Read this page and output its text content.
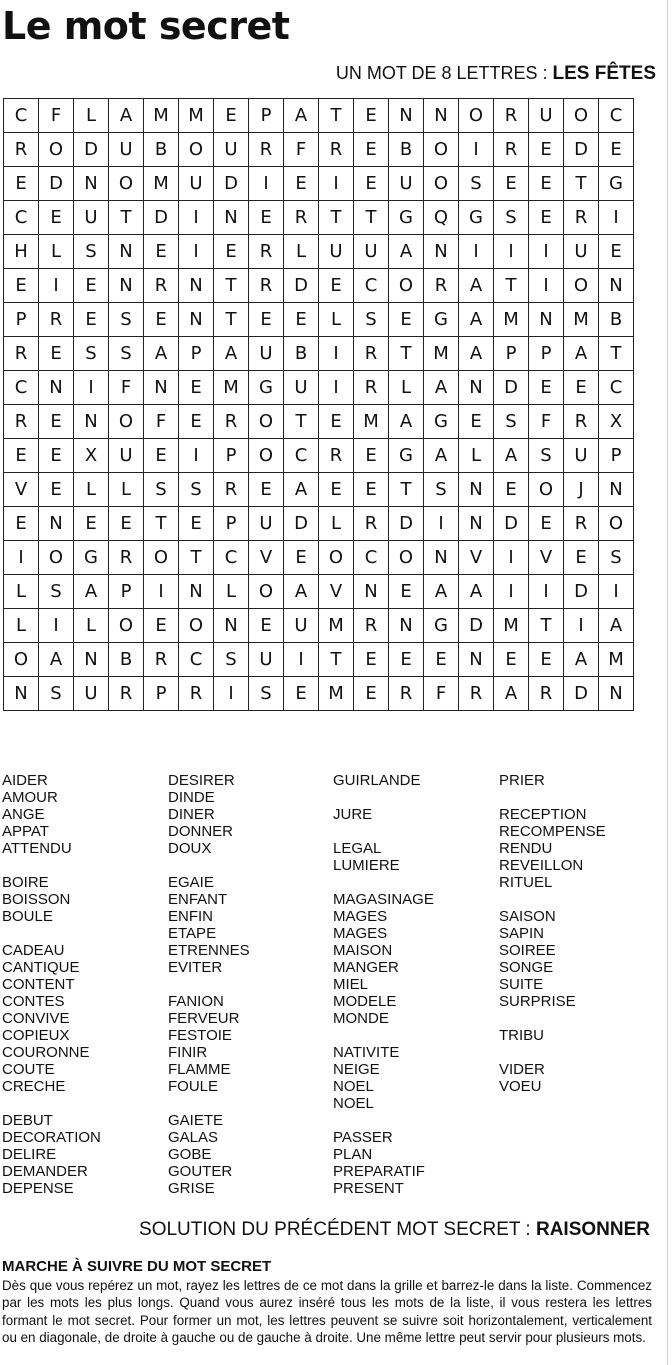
Le mot secret
UN MOT DE 8 LETTRES : LES FÊTES
C	F	L	A	M	M	E	P	A	T	E	N	N	O	R	U	O	C
R	O	D	U	B	O	U	R	F	R	E	B	O	I	R	E	D	E
E	D	N	O	M	U	D	I	E	I	E	U	O	S	E	E	T	G
C	E	U	T	D	I	N	E	R	T	T	G	Q	G	S	E	R	I
H	L	S	N	E	I	E	R	L	U	U	A	N	I	I	I	U	E
E	I	E	N	R	N	T	R	D	E	C	O	R	A	T	I	O	N
P	R	E	S	E	N	T	E	E	L	S	E	G	A	M	N	M	B
R	E	S	S	A	P	A	U	B	I	R	T	M	A	P	P	A	T
C	N	I	F	N	E	M	G	U	I	R	L	A	N	D	E	E	C
R	E	N	O	F	E	R	O	T	E	M	A	G	E	S	F	R	X
E	E	X	U	E	I	P	O	C	R	E	G	A	L	A	S	U	P
V	E	L	L	S	S	R	E	A	E	E	T	S	N	E	O	J	N
E	N	E	E	T	E	P	U	D	L	R	D	I	N	D	E	R	O
I	O	G	R	O	T	C	V	E	O	C	O	N	V	I	V	E	S
L	S	A	P	I	N	L	O	A	V	N	E	A	A	I	I	D	I
L	I	L	O	E	O	N	E	U	M	R	N	G	D	M	T	I	A
O	A	N	B	R	C	S	U	I	T	E	E	E	N	E	E	A	M
N	S	U	R	P	R	I	S	E	M	E	R	F	R	A	R	D	N
AIDER
AMOUR
ANGE
APPAT
ATTENDU
BOIRE
BOISSON
BOULE
CADEAU
CANTIQUE
CONTENT
CONTES
CONVIVE
COPIEUX
COURONNE
COUTE
CRECHE
DEBUT
DECORATION
DELIRE
DEMANDER
DEPENSE
DESIRER
DINDE
DINER
DONNER
DOUX
EGAIE
ENFANT
ENFIN
ETAPE
ETRENNES
EVITER
FANION
FERVEUR
FESTOIE
FINIR
FLAMME
FOULE
GAIETE
GALAS
GOBE
GOUTER
GRISE
GUIRLANDE
JURE
LEGAL
LUMIERE
MAGASINAGE
MAGES
MAGES
MAISON
MANGER
MIEL
MODELE
MONDE
NATIVITE
NEIGE
NOEL
NOEL
PASSER
PLAN
PREPARATIF
PRESENT
PRIER
RECEPTION
RECOMPENSE
RENDU
REVEILLON
RITUEL
SAISON
SAPIN
SOIREE
SONGE
SUITE
SURPRISE
TRIBU
VIDER
VOEU
SOLUTION DU PRÉCÉDENT MOT SECRET : RAISONNER
MARCHE À SUIVRE DU MOT SECRET
Dès que vous repérez un mot, rayez les lettres de ce mot dans la grille et barrez-le dans la liste. Commencez par les mots les plus longs. Quand vous aurez inséré tous les mots de la liste, il vous restera les lettres formant le mot secret. Pour former un mot, les lettres peuvent se suivre soit horizontalement, verticalement ou en diagonale, de droite à gauche ou de gauche à droite. Une même lettre peut servir pour plusieurs mots.
